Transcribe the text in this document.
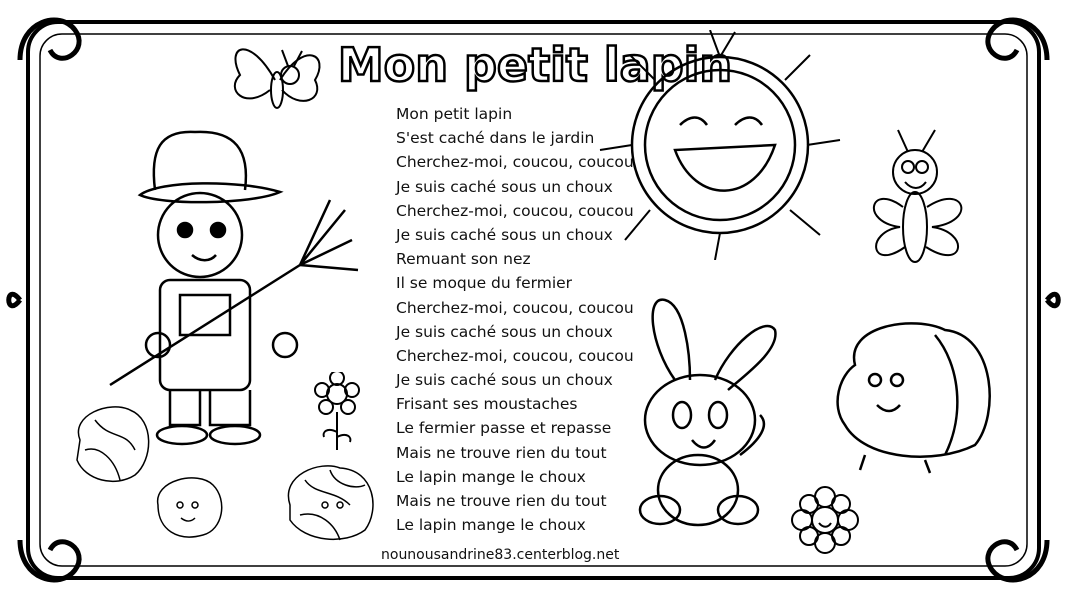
Mon petit lapin
Mon petit lapin
S'est caché dans le jardin
Cherchez-moi, coucou, coucou
Je suis caché sous un choux
Cherchez-moi, coucou, coucou
Je suis caché sous un choux
Remuant son nez
Il se moque du fermier
Cherchez-moi, coucou, coucou
Je suis caché sous un choux
Cherchez-moi, coucou, coucou
Je suis caché sous un choux
Frisant ses moustaches
Le fermier passe et repasse
Mais ne trouve rien du tout
Le lapin mange le choux
Mais ne trouve rien du tout
Le lapin mange le choux
nounousandrine83.centerblog.net
